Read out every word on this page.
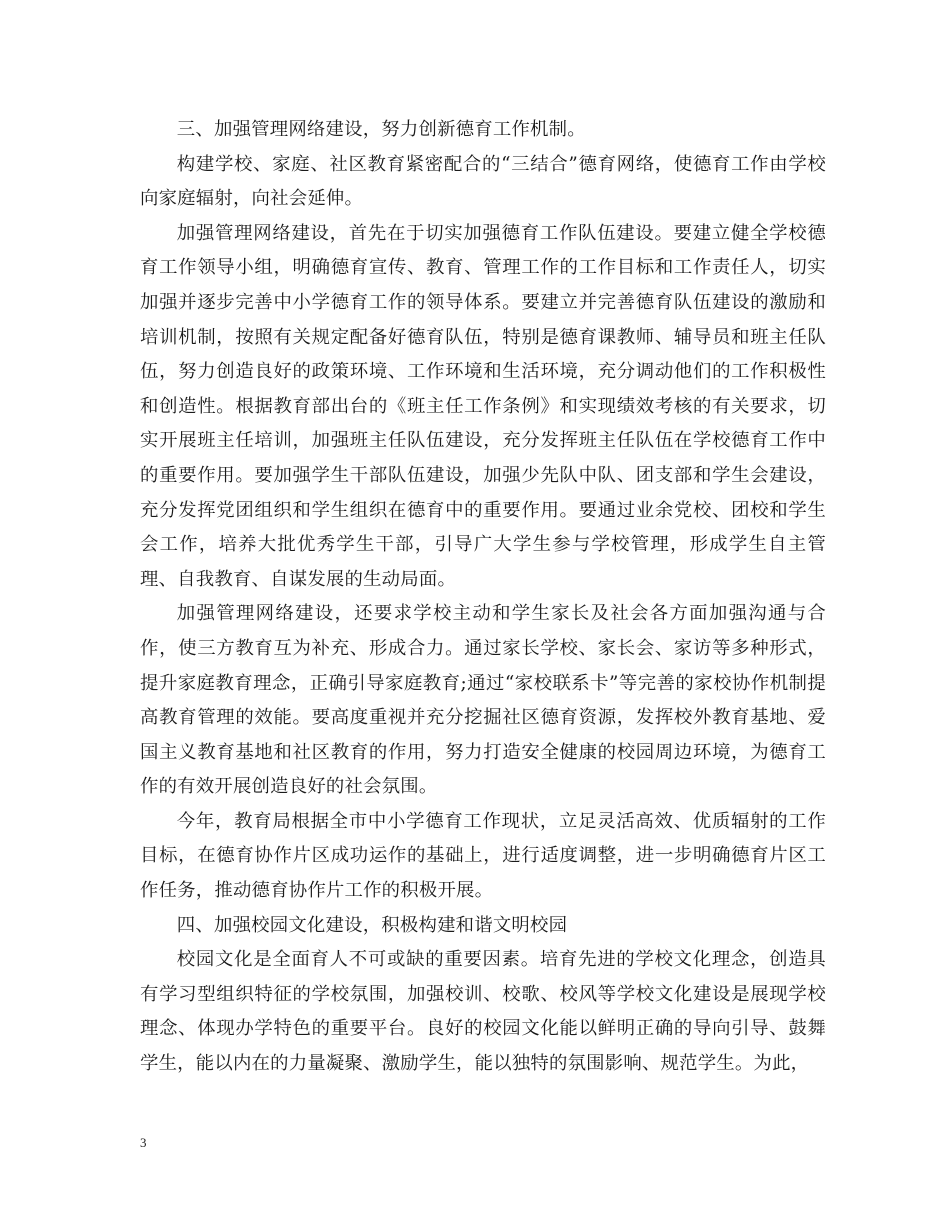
三、加强管理网络建设，努力创新德育工作机制。

构建学校、家庭、社区教育紧密配合的“三结合”德育网络，使德育工作由学校向家庭辐射，向社会延伸。

加强管理网络建设，首先在于切实加强德育工作队伍建设。要建立健全学校德育工作领导小组，明确德育宣传、教育、管理工作的工作目标和工作责任人，切实加强并逐步完善中小学德育工作的领导体系。要建立并完善德育队伍建设的激励和培训机制，按照有关规定配备好德育队伍，特别是德育课教师、辅导员和班主任队伍，努力创造良好的政策环境、工作环境和生活环境，充分调动他们的工作积极性和创造性。根据教育部出台的《班主任工作条例》和实现绩效考核的有关要求，切实开展班主任培训，加强班主任队伍建设，充分发挥班主任队伍在学校德育工作中的重要作用。要加强学生干部队伍建设，加强少先队中队、团支部和学生会建设，充分发挥党团组织和学生组织在德育中的重要作用。要通过业余党校、团校和学生会工作，培养大批优秀学生干部，引导广大学生参与学校管理，形成学生自主管理、自我教育、自谋发展的生动局面。

加强管理网络建设，还要求学校主动和学生家长及社会各方面加强沟通与合作，使三方教育互为补充、形成合力。通过家长学校、家长会、家访等多种形式，提升家庭教育理念，正确引导家庭教育;通过“家校联系卡”等完善的家校协作机制提高教育管理的效能。要高度重视并充分挖掘社区德育资源，发挥校外教育基地、爱国主义教育基地和社区教育的作用，努力打造安全健康的校园周边环境，为德育工作的有效开展创造良好的社会氛围。

今年，教育局根据全市中小学德育工作现状，立足灵活高效、优质辐射的工作目标，在德育协作片区成功运作的基础上，进行适度调整，进一步明确德育片区工作任务，推动德育协作片工作的积极开展。

四、加强校园文化建设，积极构建和谐文明校园

校园文化是全面育人不可或缺的重要因素。培育先进的学校文化理念，创造具有学习型组织特征的学校氛围，加强校训、校歌、校风等学校文化建设是展现学校理念、体现办学特色的重要平台。良好的校园文化能以鲜明正确的导向引导、鼓舞学生，能以内在的力量凝聚、激励学生，能以独特的氛围影响、规范学生。为此，

3
